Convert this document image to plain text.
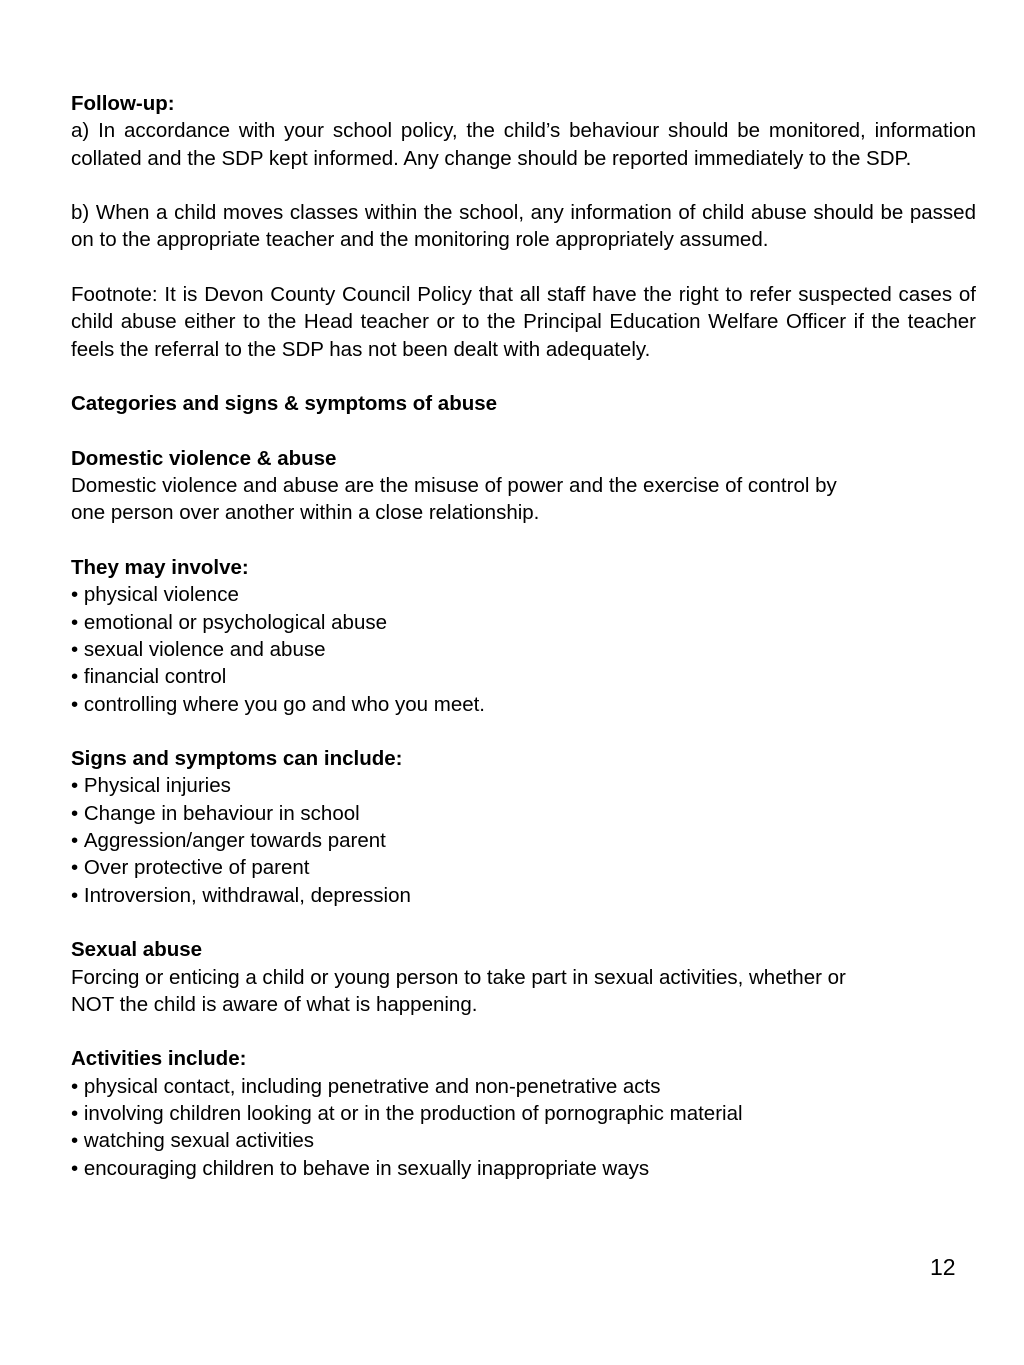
Follow-up:

a) In accordance with your school policy, the child’s behaviour should be monitored, information collated and the SDP kept informed. Any change should be reported immediately to the SDP.

b) When a child moves classes within the school, any information of child abuse should be passed on to the appropriate teacher and the monitoring role appropriately assumed.

Footnote: It is Devon County Council Policy that all staff have the right to refer suspected cases of child abuse either to the Head teacher or to the Principal Education Welfare Officer if the teacher feels the referral to the SDP has not been dealt with adequately.

Categories and signs & symptoms of abuse

Domestic violence & abuse

Domestic violence and abuse are the misuse of power and the exercise of control by

one person over another within a close relationship.

They may involve:

• physical violence
• emotional or psychological abuse
• sexual violence and abuse
• financial control
• controlling where you go and who you meet.

Signs and symptoms can include:

• Physical injuries
• Change in behaviour in school
• Aggression/anger towards parent
• Over protective of parent
• Introversion, withdrawal, depression

Sexual abuse

Forcing or enticing a child or young person to take part in sexual activities, whether or

NOT the child is aware of what is happening.

Activities include:

• physical contact, including penetrative and non-penetrative acts
• involving children looking at or in the production of pornographic material
• watching sexual activities
• encouraging children to behave in sexually inappropriate ways
12
